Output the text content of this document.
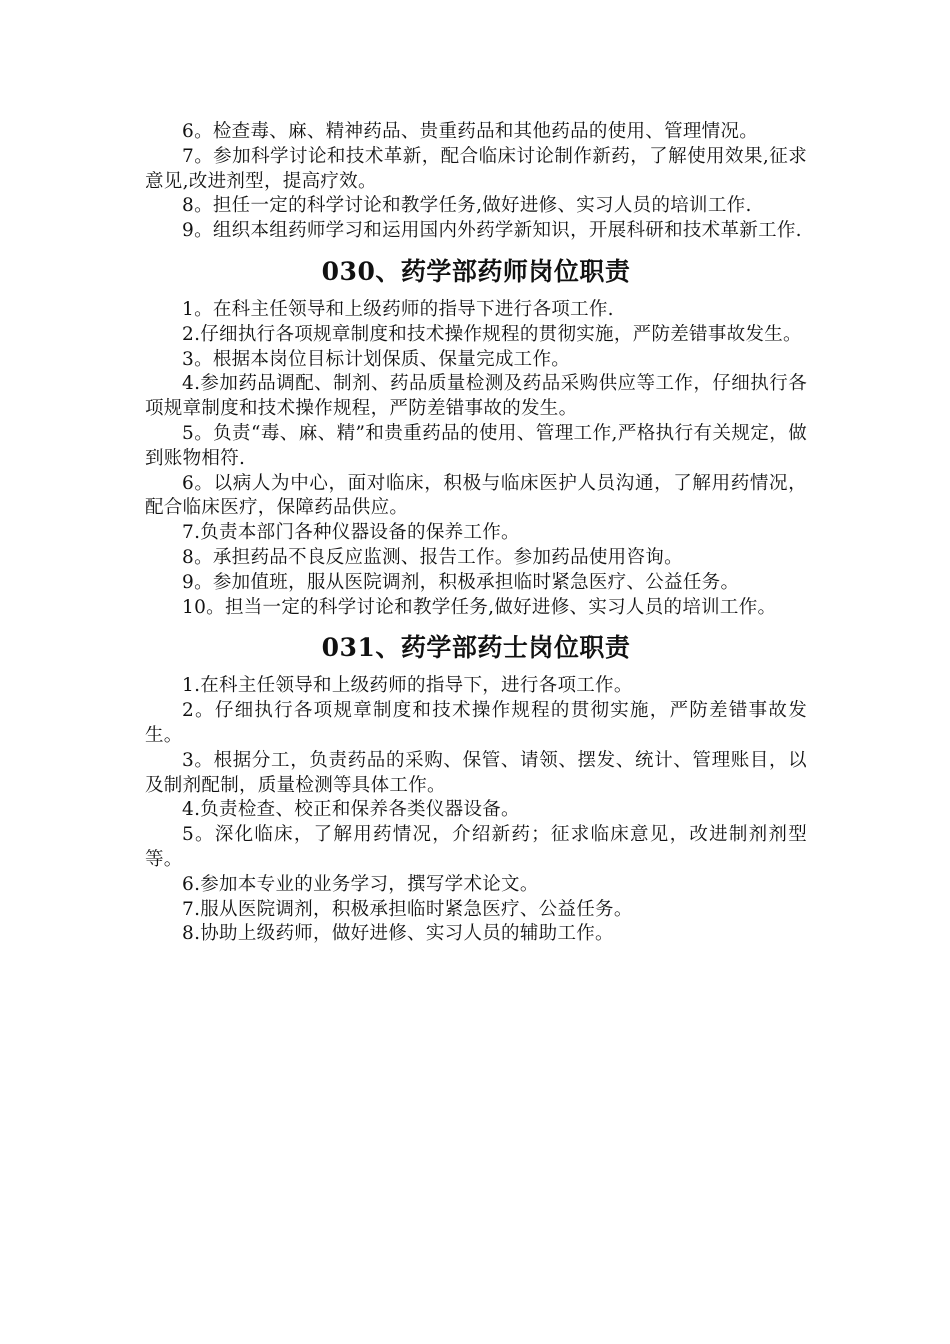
6。检查毒、麻、精神药品、贵重药品和其他药品的使用、管理情况。

7。参加科学讨论和技术革新，配合临床讨论制作新药，了解使用效果,征求意见,改进剂型，提高疗效。

8。担任一定的科学讨论和教学任务,做好进修、实习人员的培训工作.

9。组织本组药师学习和运用国内外药学新知识，开展科研和技术革新工作.

030、药学部药师岗位职责

1。在科主任领导和上级药师的指导下进行各项工作.

2.仔细执行各项规章制度和技术操作规程的贯彻实施，严防差错事故发生。

3。根据本岗位目标计划保质、保量完成工作。

4.参加药品调配、制剂、药品质量检测及药品采购供应等工作，仔细执行各项规章制度和技术操作规程，严防差错事故的发生。

5。负责“毒、麻、精”和贵重药品的使用、管理工作,严格执行有关规定，做到账物相符.

6。以病人为中心，面对临床，积极与临床医护人员沟通，了解用药情况，配合临床医疗，保障药品供应。

7.负责本部门各种仪器设备的保养工作。

8。承担药品不良反应监测、报告工作。参加药品使用咨询。

9。参加值班，服从医院调剂，积极承担临时紧急医疗、公益任务。

10。担当一定的科学讨论和教学任务,做好进修、实习人员的培训工作。

031、药学部药士岗位职责

1.在科主任领导和上级药师的指导下，进行各项工作。

2。仔细执行各项规章制度和技术操作规程的贯彻实施，严防差错事故发生。

3。根据分工，负责药品的采购、保管、请领、摆发、统计、管理账目，以及制剂配制，质量检测等具体工作。

4.负责检查、校正和保养各类仪器设备。

5。深化临床，了解用药情况，介绍新药；征求临床意见，改进制剂剂型等。

6.参加本专业的业务学习，撰写学术论文。

7.服从医院调剂，积极承担临时紧急医疗、公益任务。

8.协助上级药师，做好进修、实习人员的辅助工作。
